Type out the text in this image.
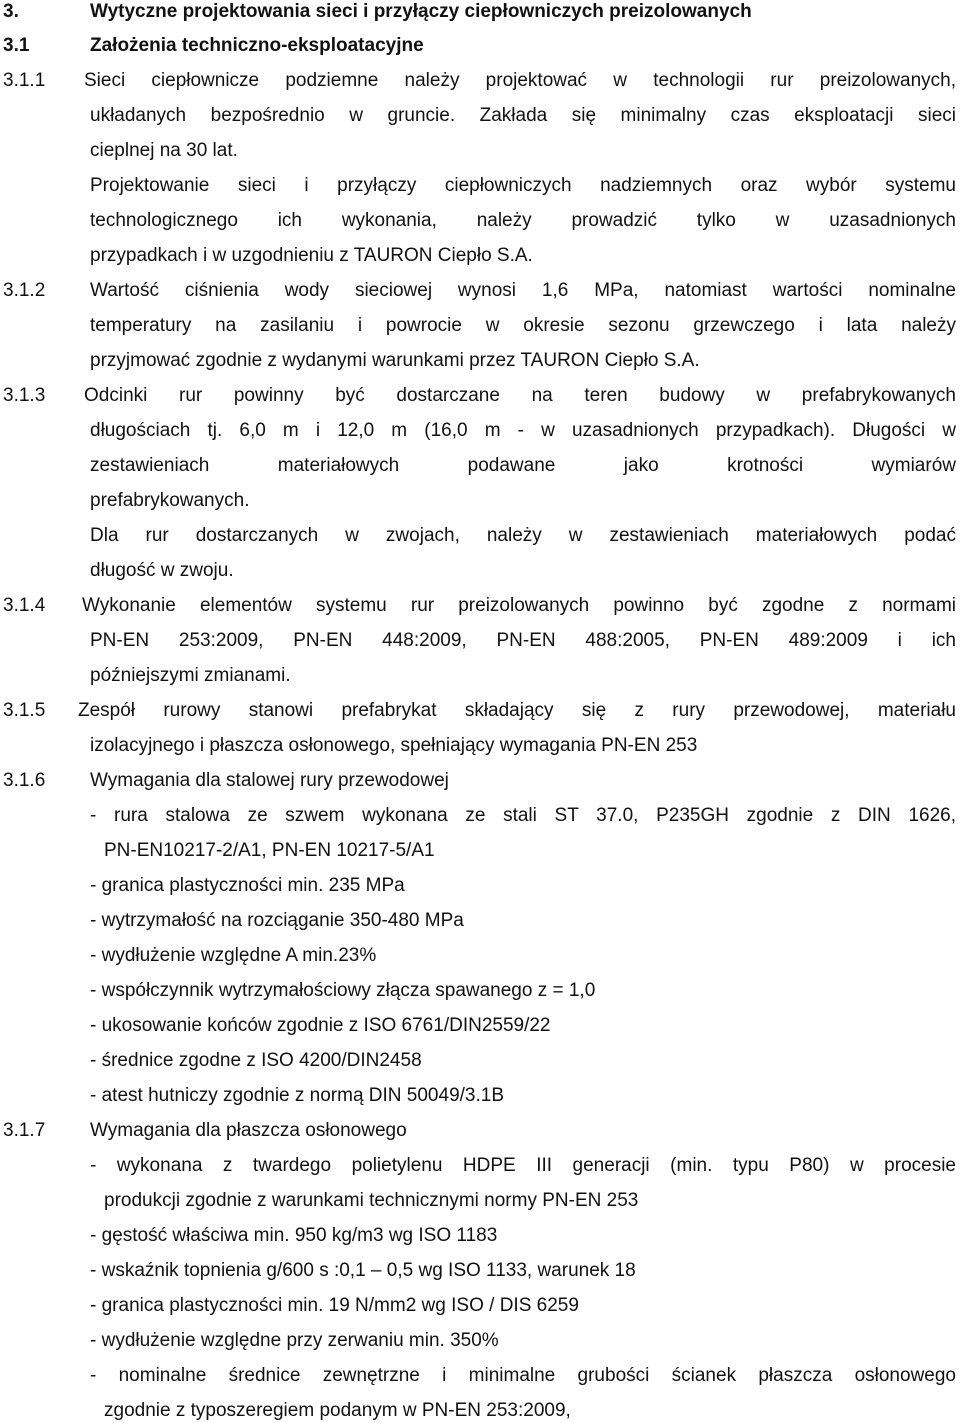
3.	Wytyczne projektowania sieci i przyłączy ciepłowniczych preizolowanych
3.1	Założenia techniczno-eksploatacyjne
3.1.1 Sieci ciepłownicze podziemne należy projektować w technologii rur preizolowanych,
układanych bezpośrednio w gruncie. Zakłada się minimalny czas eksploatacji sieci
cieplnej na 30 lat.
Projektowanie sieci i przyłączy ciepłowniczych nadziemnych oraz wybór systemu
technologicznego ich wykonania, należy prowadzić tylko w uzasadnionych
przypadkach i w uzgodnieniu z TAURON Ciepło S.A.
3.1.2 Wartość ciśnienia wody sieciowej wynosi 1,6 MPa, natomiast wartości nominalne
temperatury na zasilaniu i powrocie w okresie sezonu grzewczego i lata należy
przyjmować zgodnie z wydanymi warunkami przez TAURON Ciepło S.A.
3.1.3 Odcinki rur powinny być dostarczane na teren budowy w prefabrykowanych
długościach tj. 6,0 m i 12,0 m (16,0 m - w uzasadnionych przypadkach). Długości w
zestawieniach materiałowych podawane jako krotności wymiarów
prefabrykowanych.
Dla rur dostarczanych w zwojach, należy w zestawieniach materiałowych podać
długość w zwoju.
3.1.4 Wykonanie elementów systemu rur preizolowanych powinno być zgodne z normami
PN-EN 253:2009, PN-EN 448:2009, PN-EN 488:2005, PN-EN 489:2009 i ich
późniejszymi zmianami.
3.1.5 Zespół rurowy stanowi prefabrykat składający się z rury przewodowej, materiału
izolacyjnego i płaszcza osłonowego, spełniający wymagania PN-EN 253
3.1.6 Wymagania dla stalowej rury przewodowej
- rura stalowa ze szwem wykonana ze stali ST 37.0, P235GH zgodnie z DIN 1626,
PN-EN10217-2/A1, PN-EN 10217-5/A1
- granica plastyczności min. 235 MPa
- wytrzymałość na rozciąganie 350-480 MPa
- wydłużenie względne A min.23%
- współczynnik wytrzymałościowy złącza spawanego z = 1,0
- ukosowanie końców zgodnie z ISO 6761/DIN2559/22
- średnice zgodne z ISO 4200/DIN2458
- atest hutniczy zgodnie z normą DIN 50049/3.1B
3.1.7 Wymagania dla płaszcza osłonowego
- wykonana z twardego polietylenu HDPE III generacji (min. typu P80) w procesie
produkcji zgodnie z warunkami technicznymi normy PN-EN 253
- gęstość właściwa min. 950 kg/m3 wg ISO 1183
- wskaźnik topnienia g/600 s :0,1 – 0,5 wg ISO 1133, warunek 18
- granica plastyczności min. 19 N/mm2 wg ISO / DIS 6259
- wydłużenie względne przy zerwaniu min. 350%
- nominalne średnice zewnętrzne i minimalne grubości ścianek płaszcza osłonowego
zgodnie z typoszeregiem podanym w PN-EN 253:2009,
